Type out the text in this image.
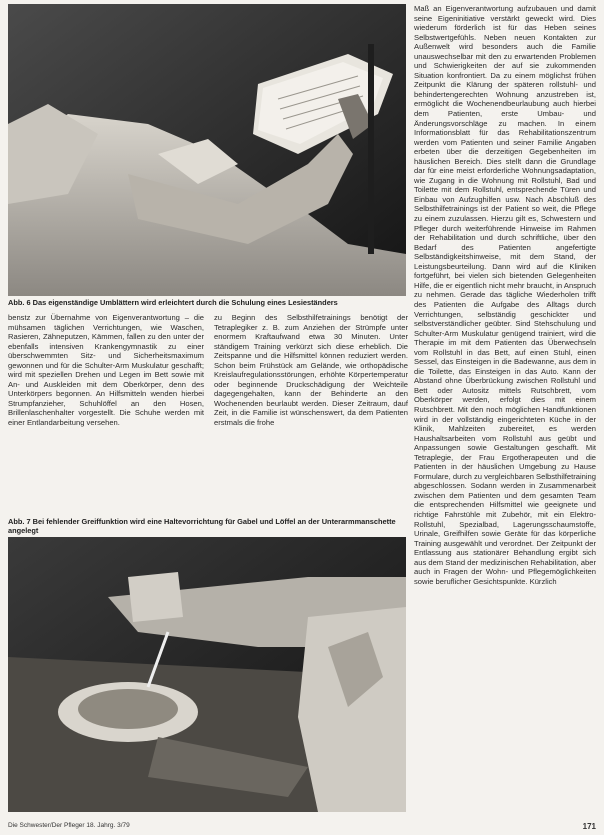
Abb. 6 Das eigenständige Umblättern wird erleichtert durch die Schulung eines Lesieständers

benstz zur Übernahme von Eigenverantwortung – die mühsamen täglichen Verrichtungen, wie Waschen, Rasieren, Zähneputzen, Kämmen, fallen zu den unter der ebenfalls intensiven Krankengymnastik zu einer überschwemmten Sitz- und Sicherheitsmaximum gewonnen und für die Schulter-Arm Muskulatur geschafft; wird mit speziellen Drehen und Legen im Bett sowie mit An- und Auskleiden mit dem Oberkörper, denn des Unterkörpers begonnen. An Hilfsmitteln wenden hierbei Strumpfanzieher, Schuhlöffel an den Hosen, Brillenlaschenhalter vorgestellt. Die Schuhe werden mit einer Entlandarbeitung versehen.

zu Beginn des Selbsthilfetrainings benötigt der Tetraplegiker z. B. zum Anziehen der Strümpfe unter enormem Kraftaufwand etwa 30 Minuten. Unter ständigem Training verkürzt sich diese erheblich. Die Zeitspanne und die Hilfsmittel können reduziert werden. Schon beim Frühstück am Gelände, wie orthopädische Kreislaufregulationsstörungen, erhöhte Körpertemperatur oder beginnende Druckschädigung der Weichteile dagegengehalten, kann der Behinderte an den Wochenenden beurlaubt werden. Dieser Zeitraum, dauf Zeit, in die Familie ist wünschenswert, da dem Patienten erstmals die frohe

Abb. 7 Bei fehlender Greiffunktion wird eine Haltevorrichtung für Gabel und Löffel an der Unterarmmanschette angelegt

Maß an Eigenverantwortung aufzubauen und damit seine Eigeninitiative verstärkt geweckt wird. Dies wiederum förderlich ist für das Heben seines Selbstwertgefühls. Neben neuen Kontakten zur Außenwelt wird besonders auch die Familie unauswechselbar mit den zu erwartenden Problemen und Schwierigkeiten der auf sie zukommenden Situation konfrontiert. Da zu einem möglichst frühen Zeitpunkt die Klärung der späteren rollstuhl- und behindertengerechten Wohnung anzustreben ist, ermöglicht die Wochenendbeurlaubung auch hierbei dem Patienten, erste Umbau- und Änderungsvorschläge zu machen. In einem Informationsblatt für das Rehabilitationszentrum werden vom Patienten und seiner Familie Angaben erbeten über die derzeitigen Gegebenheiten im häuslichen Bereich. Dies stellt dann die Grundlage dar für eine meist erforderliche Wohnungsadaptation, wie Zugang in die Wohnung mit Rollstuhl, Bad und Toilette mit dem Rollstuhl, entsprechende Türen und Einbau von Aufzughilfen usw. Nach Abschluß des Selbsthilfetrainings ist der Patient so weit, die Pflege zu einem zuzulassen. Hierzu gilt es, Schwestern und Pfleger durch weiterführende Hinweise im Rahmen der Rehabilitation und durch schriftliche, über den Bedarf des Patienten angefertigte Selbständigkeitshinweise, mit dem Stand, der Leistungsbeurteilung. Dann wird auf die Kliniken fortgeführt, bei vielen sich bietenden Gelegenheiten Hilfe, die er eigentlich nicht mehr braucht, in Anspruch zu nehmen. Gerade das tägliche Wiederholen trifft des Patienten die Aufgabe des Alltags durch Verrichtungen, selbständig geschickter und selbstverständlicher geübter. Sind Stehschulung und Schulter-Arm Muskulatur genügend trainiert, wird die Therapie im mit dem Patienten das Überwechseln vom Rollstuhl in das Bett, auf einen Stuhl, einen Sessel, das Einsteigen in die Badewanne, aus dem in die Toilette, das Einsteigen in das Auto. Kann der Abstand ohne Überbrückung zwischen Rollstuhl und Bett oder Autositz mittels Rutschbrett, vom Oberkörper werden, erfolgt dies mit einem Rutschbrett. Mit den noch möglichen Handfunktionen wird in der vollständig eingerichteten Küche in der Klinik, Mahlzeiten zubereitet, es werden Haushaltsarbeiten vom Rollstuhl aus geübt und Anpassungen sowie Gestaltungen geschafft. Mit Tetraplegie, der Frau Ergotherapeuten und die Patienten in der häuslichen Umgebung zu Hause Formulare, durch zu vergleichbaren Selbsthilfetraining abgeschlossen. Sodann werden in Zusammenarbeit zwischen dem Patienten und dem gesamten Team die entsprechenden Hilfsmittel wie geeignete und richtige Fahrstühle mit Zubehör, mit ein Elektro-Rollstuhl, Spezialbad, Lagerungsschaumstoffe, Urinale, Greifhilfen sowie Geräte für das körperliche Training ausgewählt und verordnet. Der Zeitpunkt der Entlassung aus stationärer Behandlung ergibt sich aus dem Stand der medizinischen Rehabilitation, aber auch in Fragen der Wohn- und Pflegemöglichkeiten sowie beruflicher Gesichtspunkte. Kürzlich

Die Schwester/Der Pfleger 18. Jahrg. 3/79	171
